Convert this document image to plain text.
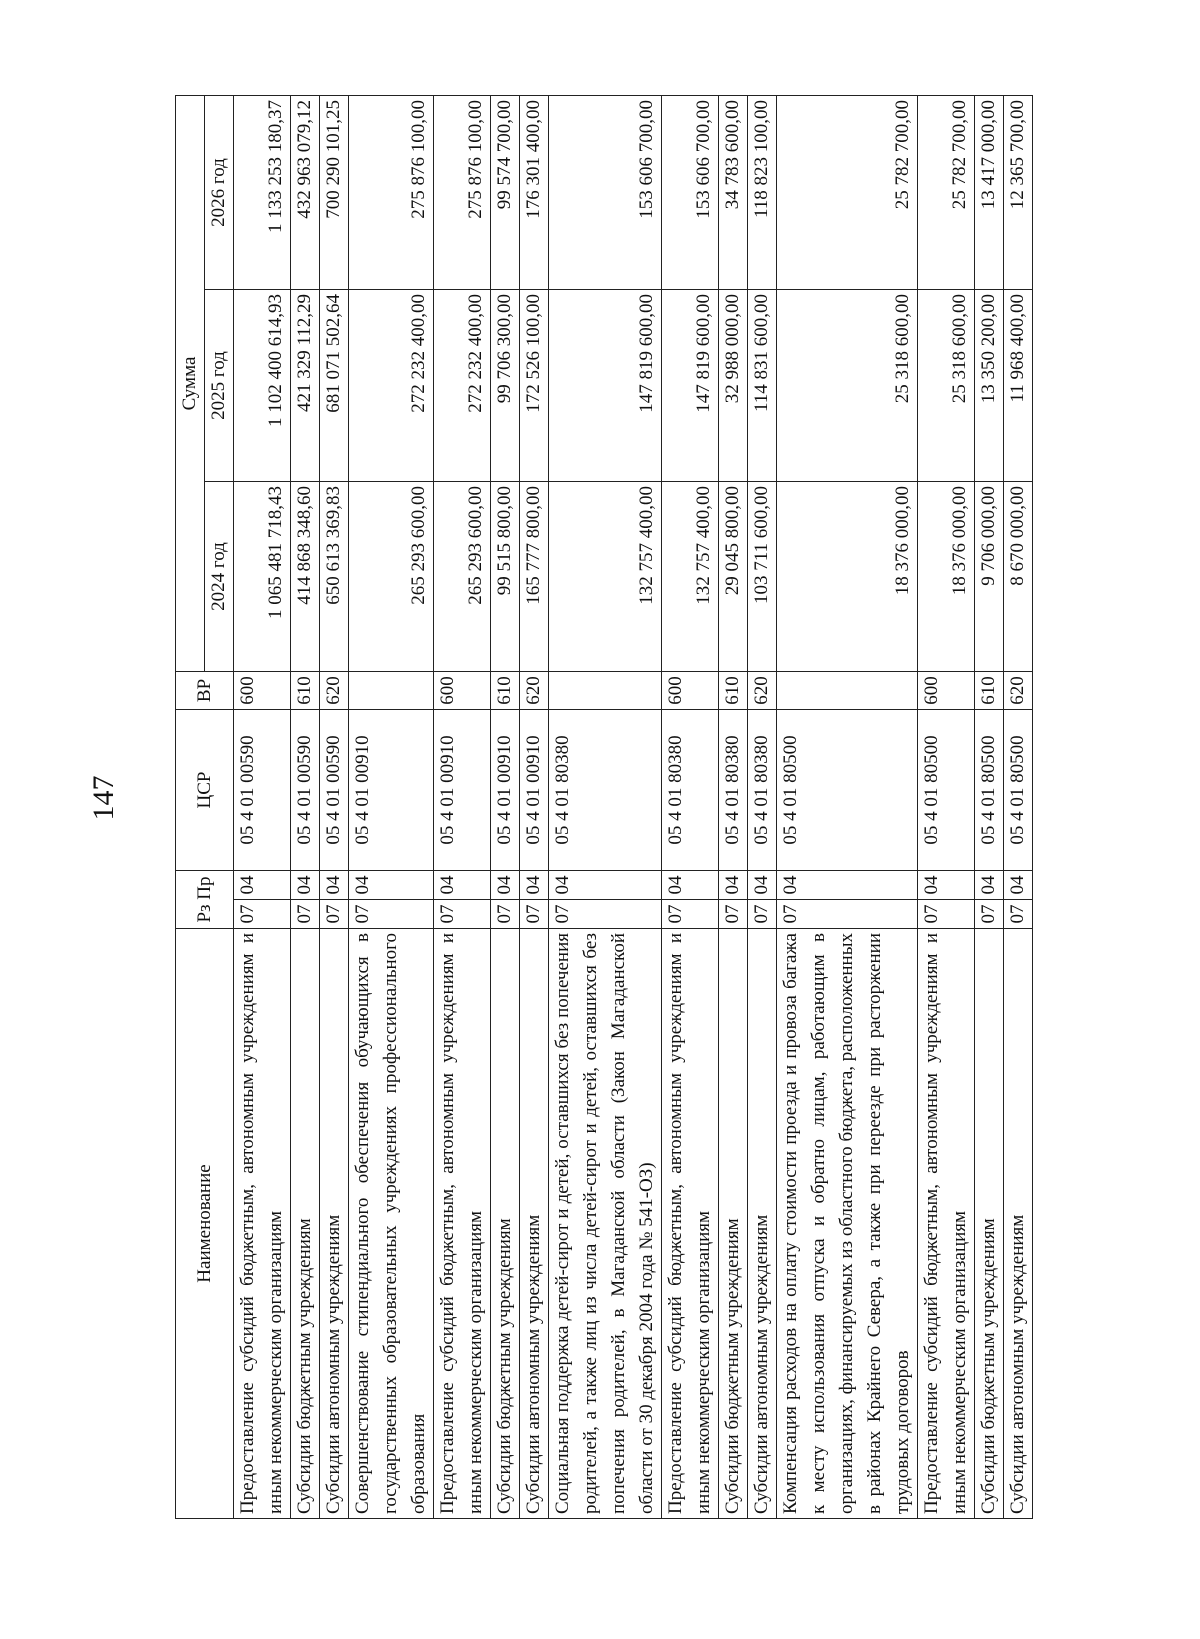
147
Наименование	Рз Пр		ЦСР	ВР	Сумма		
					2024 год	2025 год	2026 год
Предоставление субсидий бюджетным, автономным учреждениям и иным некоммерческим организациям	07	04	05 4 01 00590	600	1 065 481 718,43	1 102 400 614,93	1 133 253 180,37
Субсидии бюджетным учреждениям	07	04	05 4 01 00590	610	414 868 348,60	421 329 112,29	432 963 079,12
Субсидии автономным учреждениям	07	04	05 4 01 00590	620	650 613 369,83	681 071 502,64	700 290 101,25
Совершенствование стипендиального обеспечения обучающихся в государственных образовательных учреждениях профессионального образования	07	04	05 4 01 00910		265 293 600,00	272 232 400,00	275 876 100,00
Предоставление субсидий бюджетным, автономным учреждениям и иным некоммерческим организациям	07	04	05 4 01 00910	600	265 293 600,00	272 232 400,00	275 876 100,00
Субсидии бюджетным учреждениям	07	04	05 4 01 00910	610	99 515 800,00	99 706 300,00	99 574 700,00
Субсидии автономным учреждениям	07	04	05 4 01 00910	620	165 777 800,00	172 526 100,00	176 301 400,00
Социальная поддержка детей-сирот и детей, оставшихся без попечения родителей, а также лиц из числа детей-сирот и детей, оставшихся без попечения родителей, в Магаданской области (Закон Магаданской области от 30 декабря 2004 года № 541-ОЗ)	07	04	05 4 01 80380		132 757 400,00	147 819 600,00	153 606 700,00
Предоставление субсидий бюджетным, автономным учреждениям и иным некоммерческим организациям	07	04	05 4 01 80380	600	132 757 400,00	147 819 600,00	153 606 700,00
Субсидии бюджетным учреждениям	07	04	05 4 01 80380	610	29 045 800,00	32 988 000,00	34 783 600,00
Субсидии автономным учреждениям	07	04	05 4 01 80380	620	103 711 600,00	114 831 600,00	118 823 100,00
Компенсация расходов на оплату стоимости проезда и провоза багажа к месту использования отпуска и обратно лицам, работающим в организациях, финансируемых из областного бюджета, расположенных в районах Крайнего Севера, а также при переезде при расторжении трудовых договоров	07	04	05 4 01 80500		18 376 000,00	25 318 600,00	25 782 700,00
Предоставление субсидий бюджетным, автономным учреждениям и иным некоммерческим организациям	07	04	05 4 01 80500	600	18 376 000,00	25 318 600,00	25 782 700,00
Субсидии бюджетным учреждениям	07	04	05 4 01 80500	610	9 706 000,00	13 350 200,00	13 417 000,00
Субсидии автономным учреждениям	07	04	05 4 01 80500	620	8 670 000,00	11 968 400,00	12 365 700,00
